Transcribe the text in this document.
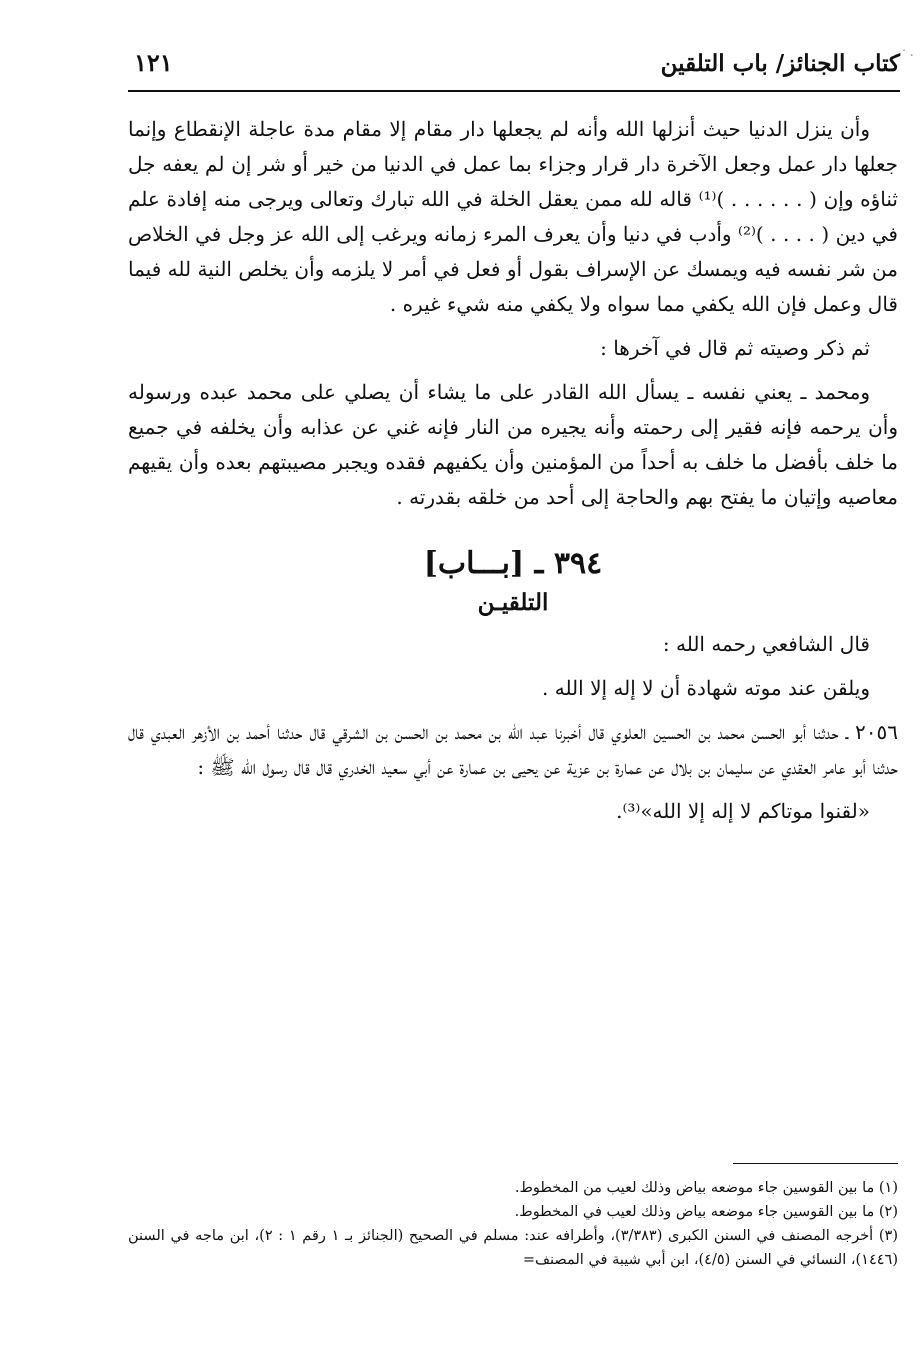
·˙·
كتاب الجنائز/ باب التلقين
١٢١

وأن ينزل الدنيا حيث أنزلها الله وأنه لم يجعلها دار مقام إلا مقام مدة عاجلة الإنقطاع وإنما جعلها دار عمل وجعل الآخرة دار قرار وجزاء بما عمل في الدنيا من خير أو شر إن لم يعفه جل ثناؤه وإن ( . . . . . . )⁽¹⁾ قاله لله ممن يعقل الخلة في الله تبارك وتعالى ويرجى منه إفادة علم في دين ( . . . . )⁽²⁾ وأدب في دنيا وأن يعرف المرء زمانه ويرغب إلى الله عز وجل في الخلاص من شر نفسه فيه ويمسك عن الإسراف بقول أو فعل في أمر لا يلزمه وأن يخلص النية لله فيما قال وعمل فإن الله يكفي مما سواه ولا يكفي منه شيء غيره .

ثم ذكر وصيته ثم قال في آخرها :

ومحمد ـ يعني نفسه ـ يسأل الله القادر على ما يشاء أن يصلي على محمد عبده ورسوله وأن يرحمه فإنه فقير إلى رحمته وأنه يجيره من النار فإنه غني عن عذابه وأن يخلفه في جميع ما خلف بأفضل ما خلف به أحداً من المؤمنين وأن يكفيهم فقده ويجبر مصيبتهم بعده وأن يقيهم معاصيه وإتيان ما يفتح بهم والحاجة إلى أحد من خلقه بقدرته .

٣٩٤ ـ [بـــاب]
التلقيـن

قال الشافعي رحمه الله :

ويلقن عند موته شهادة أن لا إله إلا الله .

٢٠٥٦ ـ حدثنا أبو الحسن محمد بن الحسين العلوي قال أخبرنا عبد الله بن محمد بن الحسن بن الشرقي قال حدثنا أحمد بن الأزهر العبدي قال حدثنا أبو عامر العقدي عن سليمان بن بلال عن عمارة بن عزية عن يحيى بن عمارة عن أبي سعيد الخدري قال قال رسول الله ﷺ :

«لقنوا موتاكم لا إله إلا الله»⁽³⁾.

(١) ما بين القوسين جاء موضعه بياض وذلك لعيب من المخطوط.

(٢) ما بين القوسين جاء موضعه بياض وذلك لعيب في المخطوط.

(٣) أخرجه المصنف في السنن الكبرى (٣/٣٨٣)، وأطرافه عند: مسلم في الصحيح (الجنائز بـ ١ رقم ١ : ٢)، ابن ماجه في السنن (١٤٤٦)، النسائي في السنن (٤/٥)، ابن أبي شيبة في المصنف=
